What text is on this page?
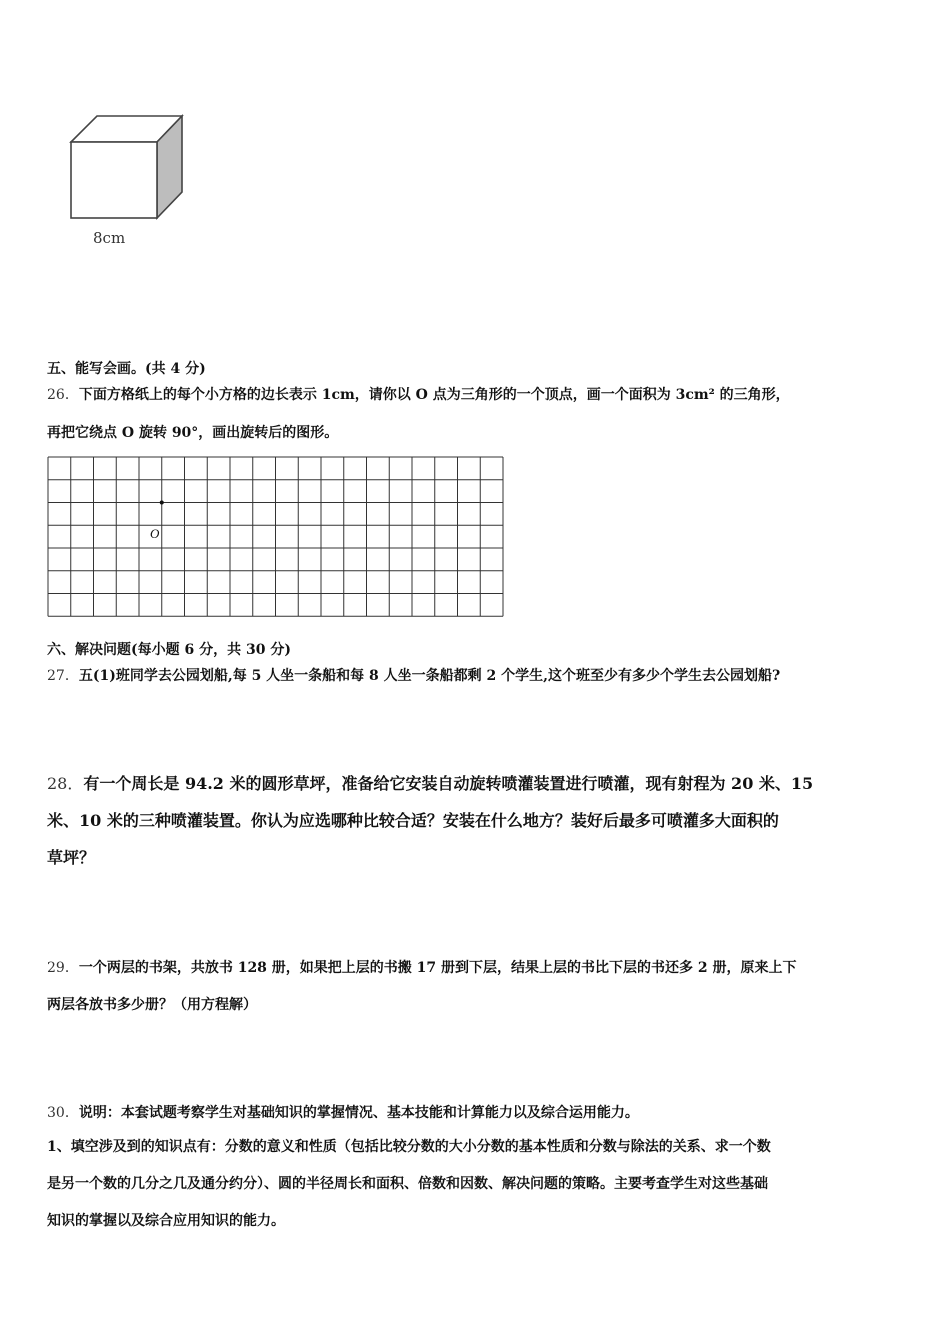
8cm
五、能写会画。(共 4 分)
26．下面方格纸上的每个小方格的边长表示 1cm，请你以 O 点为三角形的一个顶点，画一个面积为 3cm² 的三角形，
再把它绕点 O 旋转 90°，画出旋转后的图形。
O
六、解决问题(每小题 6 分，共 30 分)
27．五(1)班同学去公园划船,每 5 人坐一条船和每 8 人坐一条船都剩 2 个学生,这个班至少有多少个学生去公园划船?
28．有一个周长是 94.2 米的圆形草坪，准备给它安装自动旋转喷灌装置进行喷灌，现有射程为 20 米、15
米、10 米的三种喷灌装置。你认为应选哪种比较合适？安装在什么地方？装好后最多可喷灌多大面积的
草坪？
29．一个两层的书架，共放书 128 册，如果把上层的书搬 17 册到下层，结果上层的书比下层的书还多 2 册，原来上下
两层各放书多少册？（用方程解）
30．说明：本套试题考察学生对基础知识的掌握情况、基本技能和计算能力以及综合运用能力。
1、填空涉及到的知识点有：分数的意义和性质（包括比较分数的大小分数的基本性质和分数与除法的关系、求一个数
是另一个数的几分之几及通分约分）、圆的半径周长和面积、倍数和因数、解决问题的策略。主要考查学生对这些基础
知识的掌握以及综合应用知识的能力。
